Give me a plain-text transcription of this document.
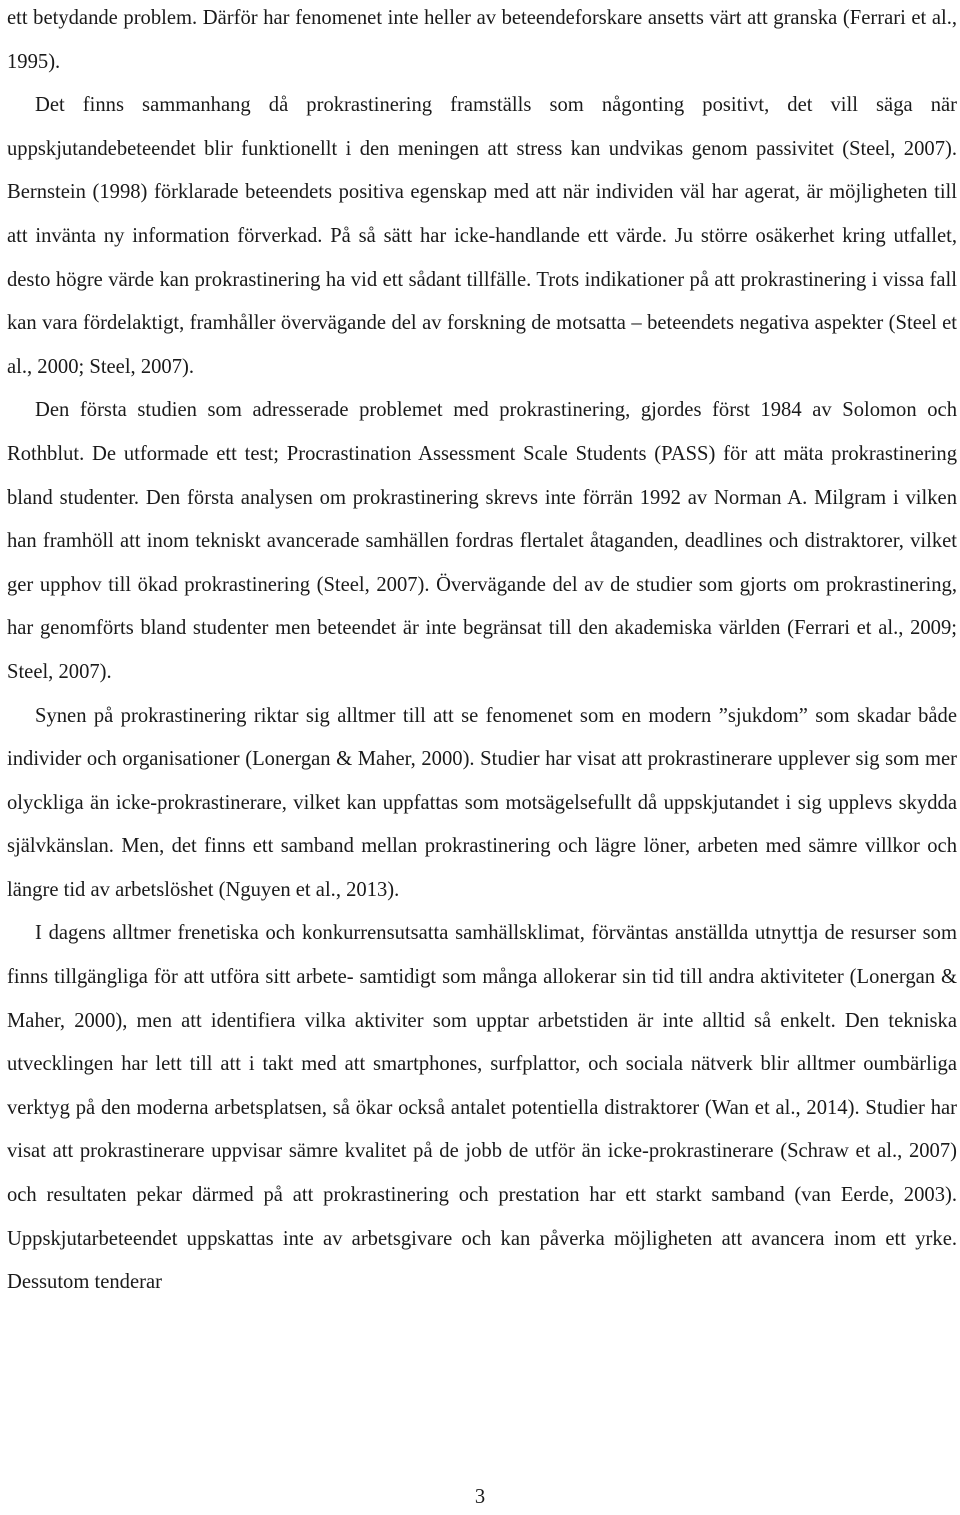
ett betydande problem. Därför har fenomenet inte heller av beteendeforskare ansetts värt att granska (Ferrari et al., 1995).

Det finns sammanhang då prokrastinering framställs som någonting positivt, det vill säga när uppskjutandebeteendet blir funktionellt i den meningen att stress kan undvikas genom passivitet (Steel, 2007). Bernstein (1998) förklarade beteendets positiva egenskap med att när individen väl har agerat, är möjligheten till att invänta ny information förverkad. På så sätt har icke-handlande ett värde. Ju större osäkerhet kring utfallet, desto högre värde kan prokrastinering ha vid ett sådant tillfälle. Trots indikationer på att prokrastinering i vissa fall kan vara fördelaktigt, framhåller övervägande del av forskning de motsatta – beteendets negativa aspekter (Steel et al., 2000; Steel, 2007).

Den första studien som adresserade problemet med prokrastinering, gjordes först 1984 av Solomon och Rothblut. De utformade ett test; Procrastination Assessment Scale Students (PASS) för att mäta prokrastinering bland studenter. Den första analysen om prokrastinering skrevs inte förrän 1992 av Norman A. Milgram i vilken han framhöll att inom tekniskt avancerade samhällen fordras flertalet åtaganden, deadlines och distraktorer, vilket ger upphov till ökad prokrastinering (Steel, 2007). Övervägande del av de studier som gjorts om prokrastinering, har genomförts bland studenter men beteendet är inte begränsat till den akademiska världen (Ferrari et al., 2009; Steel, 2007).

Synen på prokrastinering riktar sig alltmer till att se fenomenet som en modern ”sjukdom” som skadar både individer och organisationer (Lonergan & Maher, 2000). Studier har visat att prokrastinerare upplever sig som mer olyckliga än icke-prokrastinerare, vilket kan uppfattas som motsägelsefullt då uppskjutandet i sig upplevs skydda självkänslan. Men, det finns ett samband mellan prokrastinering och lägre löner, arbeten med sämre villkor och längre tid av arbetslöshet (Nguyen et al., 2013).

I dagens alltmer frenetiska och konkurrensutsatta samhällsklimat, förväntas anställda utnyttja de resurser som finns tillgängliga för att utföra sitt arbete- samtidigt som många allokerar sin tid till andra aktiviteter (Lonergan & Maher, 2000), men att identifiera vilka aktiviter som upptar arbetstiden är inte alltid så enkelt. Den tekniska utvecklingen har lett till att i takt med att smartphones, surfplattor, och sociala nätverk blir alltmer oumbärliga verktyg på den moderna arbetsplatsen, så ökar också antalet potentiella distraktorer (Wan et al., 2014). Studier har visat att prokrastinerare uppvisar sämre kvalitet på de jobb de utför än icke-prokrastinerare (Schraw et al., 2007) och resultaten pekar därmed på att prokrastinering och prestation har ett starkt samband (van Eerde, 2003). Uppskjutarbeteendet uppskattas inte av arbetsgivare och kan påverka möjligheten att avancera inom ett yrke. Dessutom tenderar

3
